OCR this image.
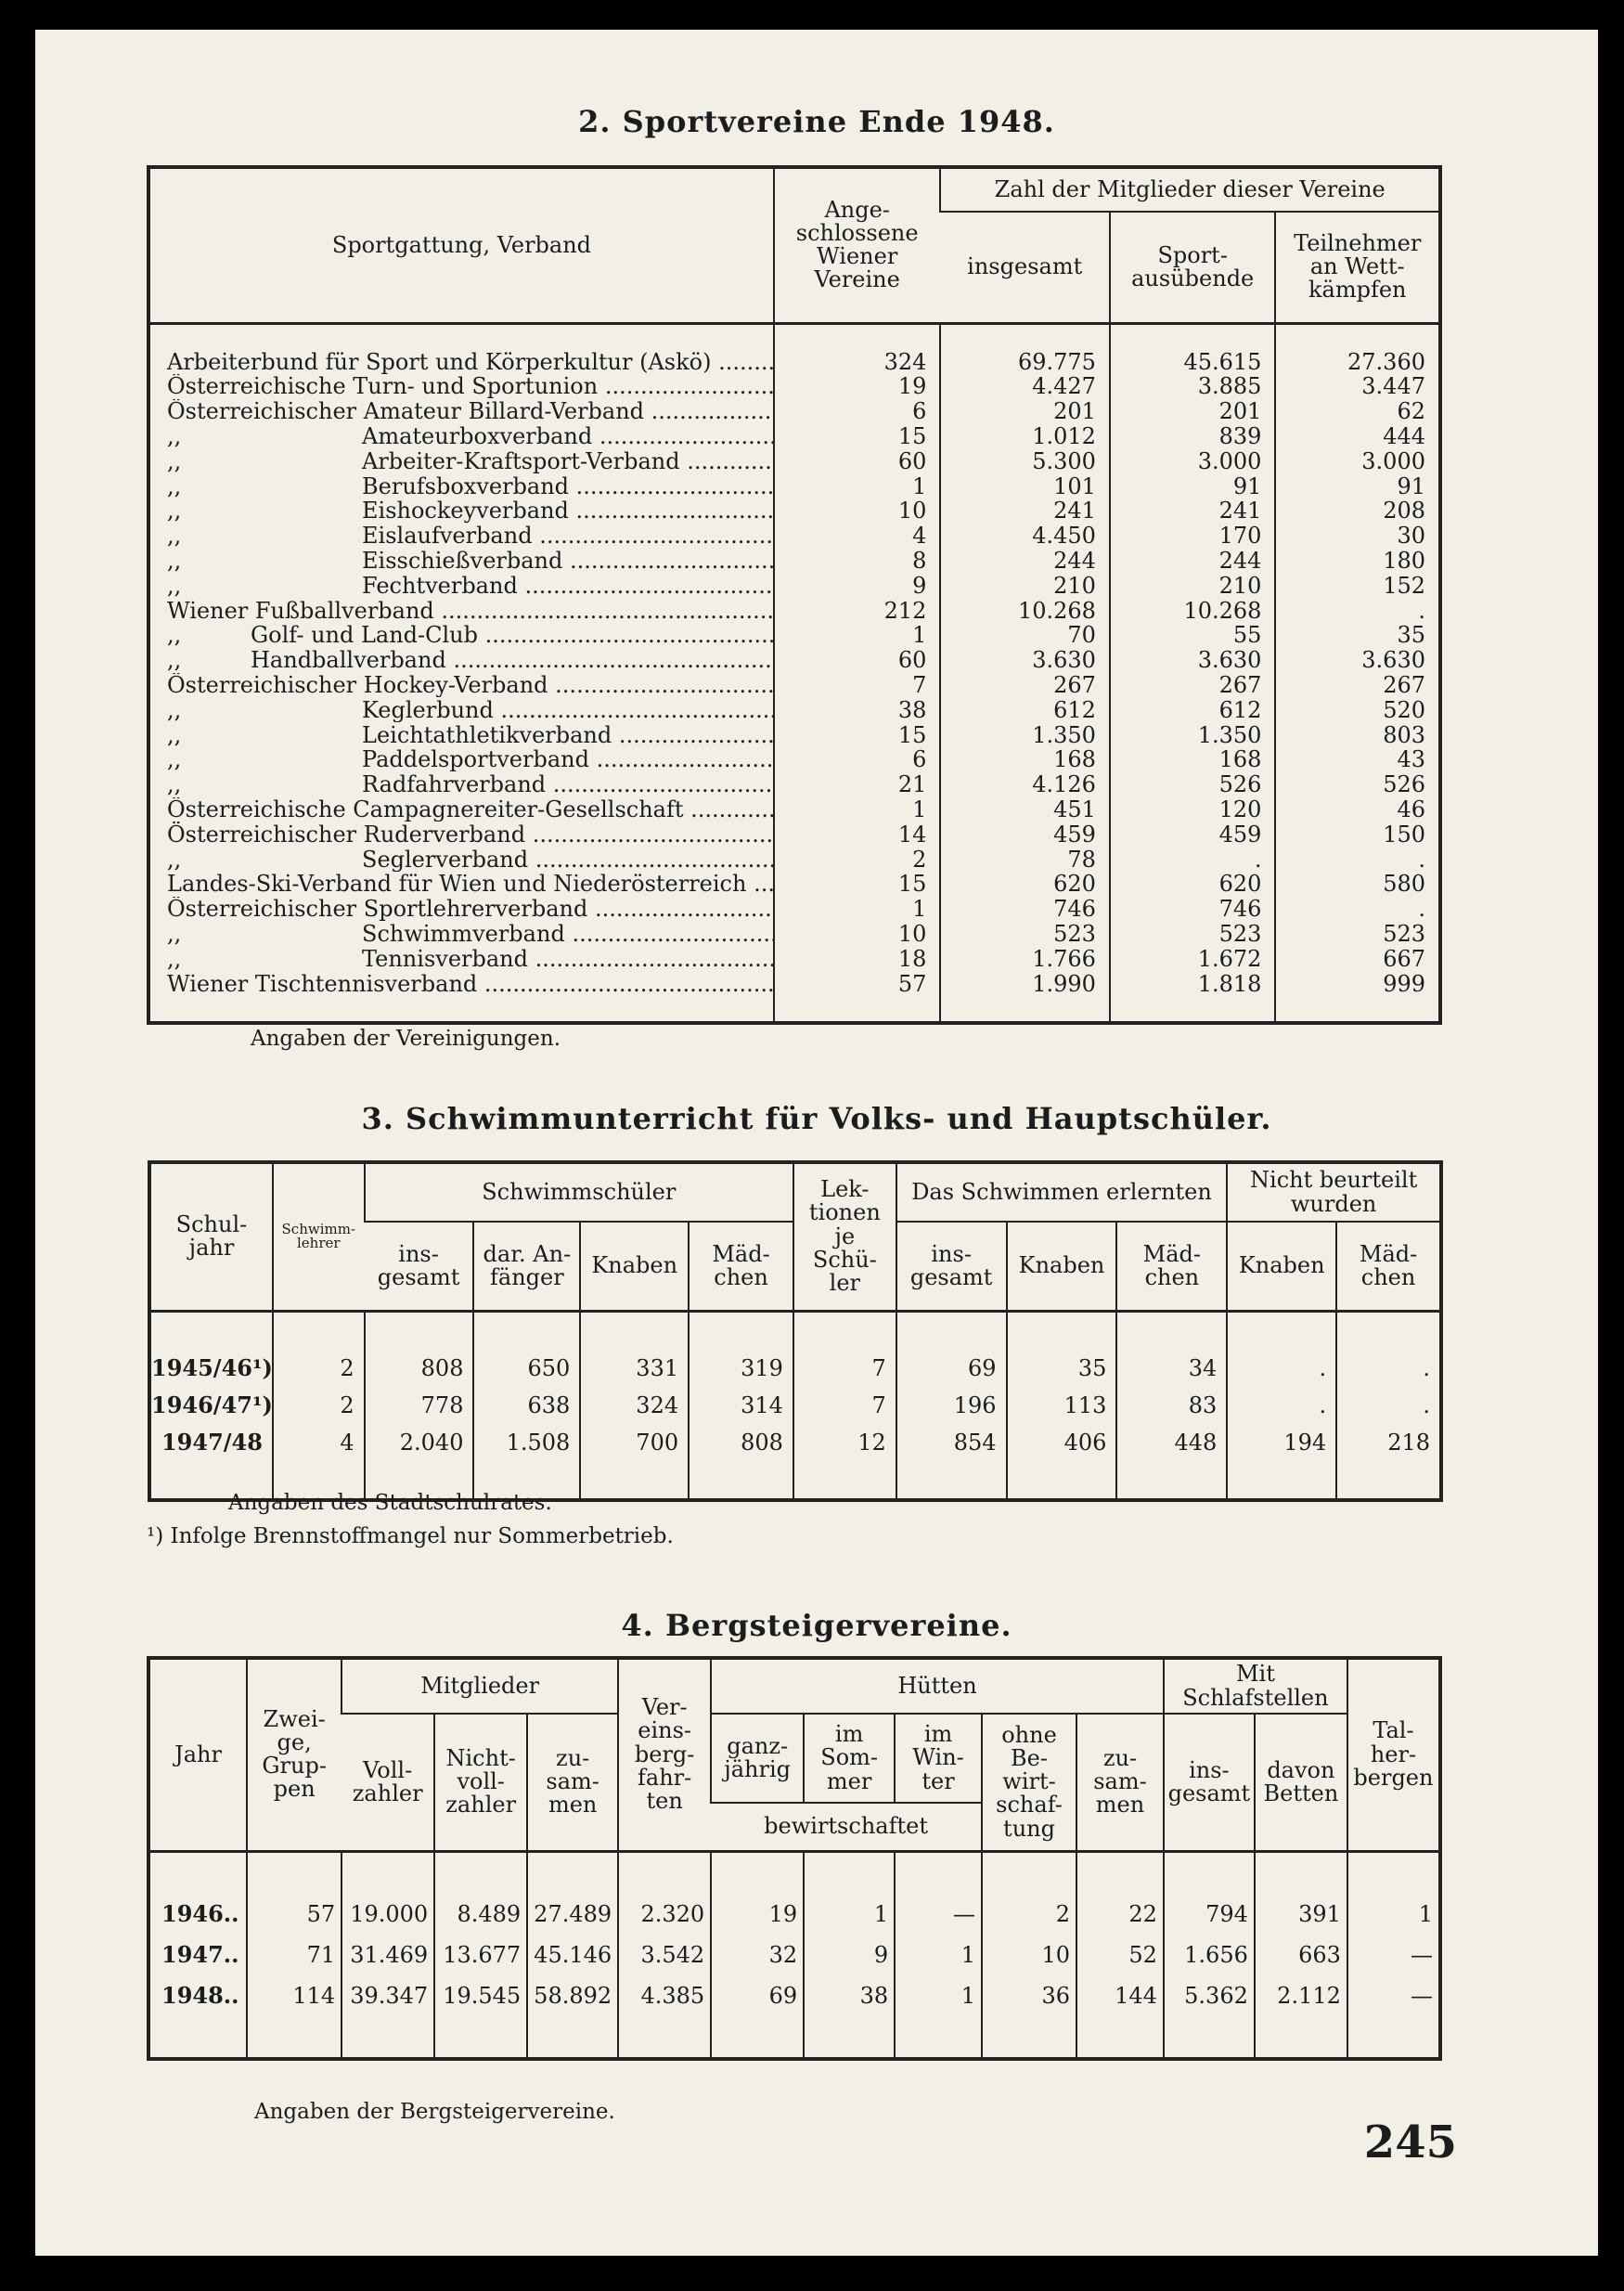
2. Sportvereine Ende 1948.
Sportgattung, Verband	Ange-
schlossene
Wiener
Vereine	Zahl der Mitglieder dieser Vereine		
		insgesamt	Sport-
ausübende	Teilnehmer
an Wett-
kämpfen

Arbeiterbund für Sport und Körperkultur (Askö) .....	324	69.775	45.615	27.360
Österreichische Turn- und Sportunion .....	19	4.427	3.885	3.447
Österreichischer Amateur Billard-Verband .....	6	201	201	62
,, Amateurboxverband .....	15	1.012	839	444
,, Arbeiter-Kraftsport-Verband .....	60	5.300	3.000	3.000
,, Berufsboxverband .....	1	101	91	91
,, Eishockeyverband .....	10	241	241	208
,, Eislaufverband .....	4	4.450	170	30
,, Eisschießverband .....	8	244	244	180
,, Fechtverband .....	9	210	210	152
Wiener Fußballverband .....	212	10.268	10.268	.
,, Golf- und Land-Club .....	1	70	55	35
,, Handballverband .....	60	3.630	3.630	3.630
Österreichischer Hockey-Verband .....	7	267	267	267
,, Keglerbund .....	38	612	612	520
,, Leichtathletikverband .....	15	1.350	1.350	803
,, Paddelsportverband .....	6	168	168	43
,, Radfahrverband .....	21	4.126	526	526
Österreichische Campagnereiter-Gesellschaft .....	1	451	120	46
Österreichischer Ruderverband .....	14	459	459	150
,, Seglerverband .....	2	78	.	.
Landes-Ski-Verband für Wien und Niederösterreich .....	15	620	620	580
Österreichischer Sportlehrerverband .....	1	746	746	.
,, Schwimmverband .....	10	523	523	523
,, Tennisverband .....	18	1.766	1.672	667
Wiener Tischtennisverband .....	57	1.990	1.818	999

Angaben der Vereinigungen.
3. Schwimmunterricht für Volks- und Hauptschüler.
Schul-
jahr	Schwimm-
lehrer	Schwimmschüler				Lek-
tionen
je
Schü-
ler	Das Schwimmen erlernten			Nicht beurteilt
wurden	
		ins-
gesamt	dar. An-
fänger	Knaben	Mäd-
chen		ins-
gesamt	Knaben	Mäd-
chen	Knaben	Mäd-
chen

1945/46¹)	2	808	650	331	319	7	69	35	34	.	.
1946/47¹)	2	778	638	324	314	7	196	113	83	.	.
1947/48	4	2.040	1.508	700	808	12	854	406	448	194	218

Angaben des Stadtschulrates.
¹) Infolge Brennstoffmangel nur Sommerbetrieb.
4. Bergsteigervereine.
Jahr	Zwei-
ge,
Grup-
pen	Mitglieder			Ver-
eins-
berg-
fahr-
ten	Hütten					Mit
Schlafstellen		Tal-
her-
bergen
		Voll-
zahler	Nicht-
voll-
zahler	zu-
sam-
men		ganz-
jährig	im
Som-
mer	im
Win-
ter	ohne
Be-
wirt-
schaf-
tung	zu-
sam-
men	ins-
gesamt	davon
Betten	
						bewirtschaftet							

1946..	57	19.000	8.489	27.489	2.320	19	1	—	2	22	794	391	1
1947..	71	31.469	13.677	45.146	3.542	32	9	1	10	52	1.656	663	—
1948..	114	39.347	19.545	58.892	4.385	69	38	1	36	144	5.362	2.112	—

Angaben der Bergsteigervereine.
245
